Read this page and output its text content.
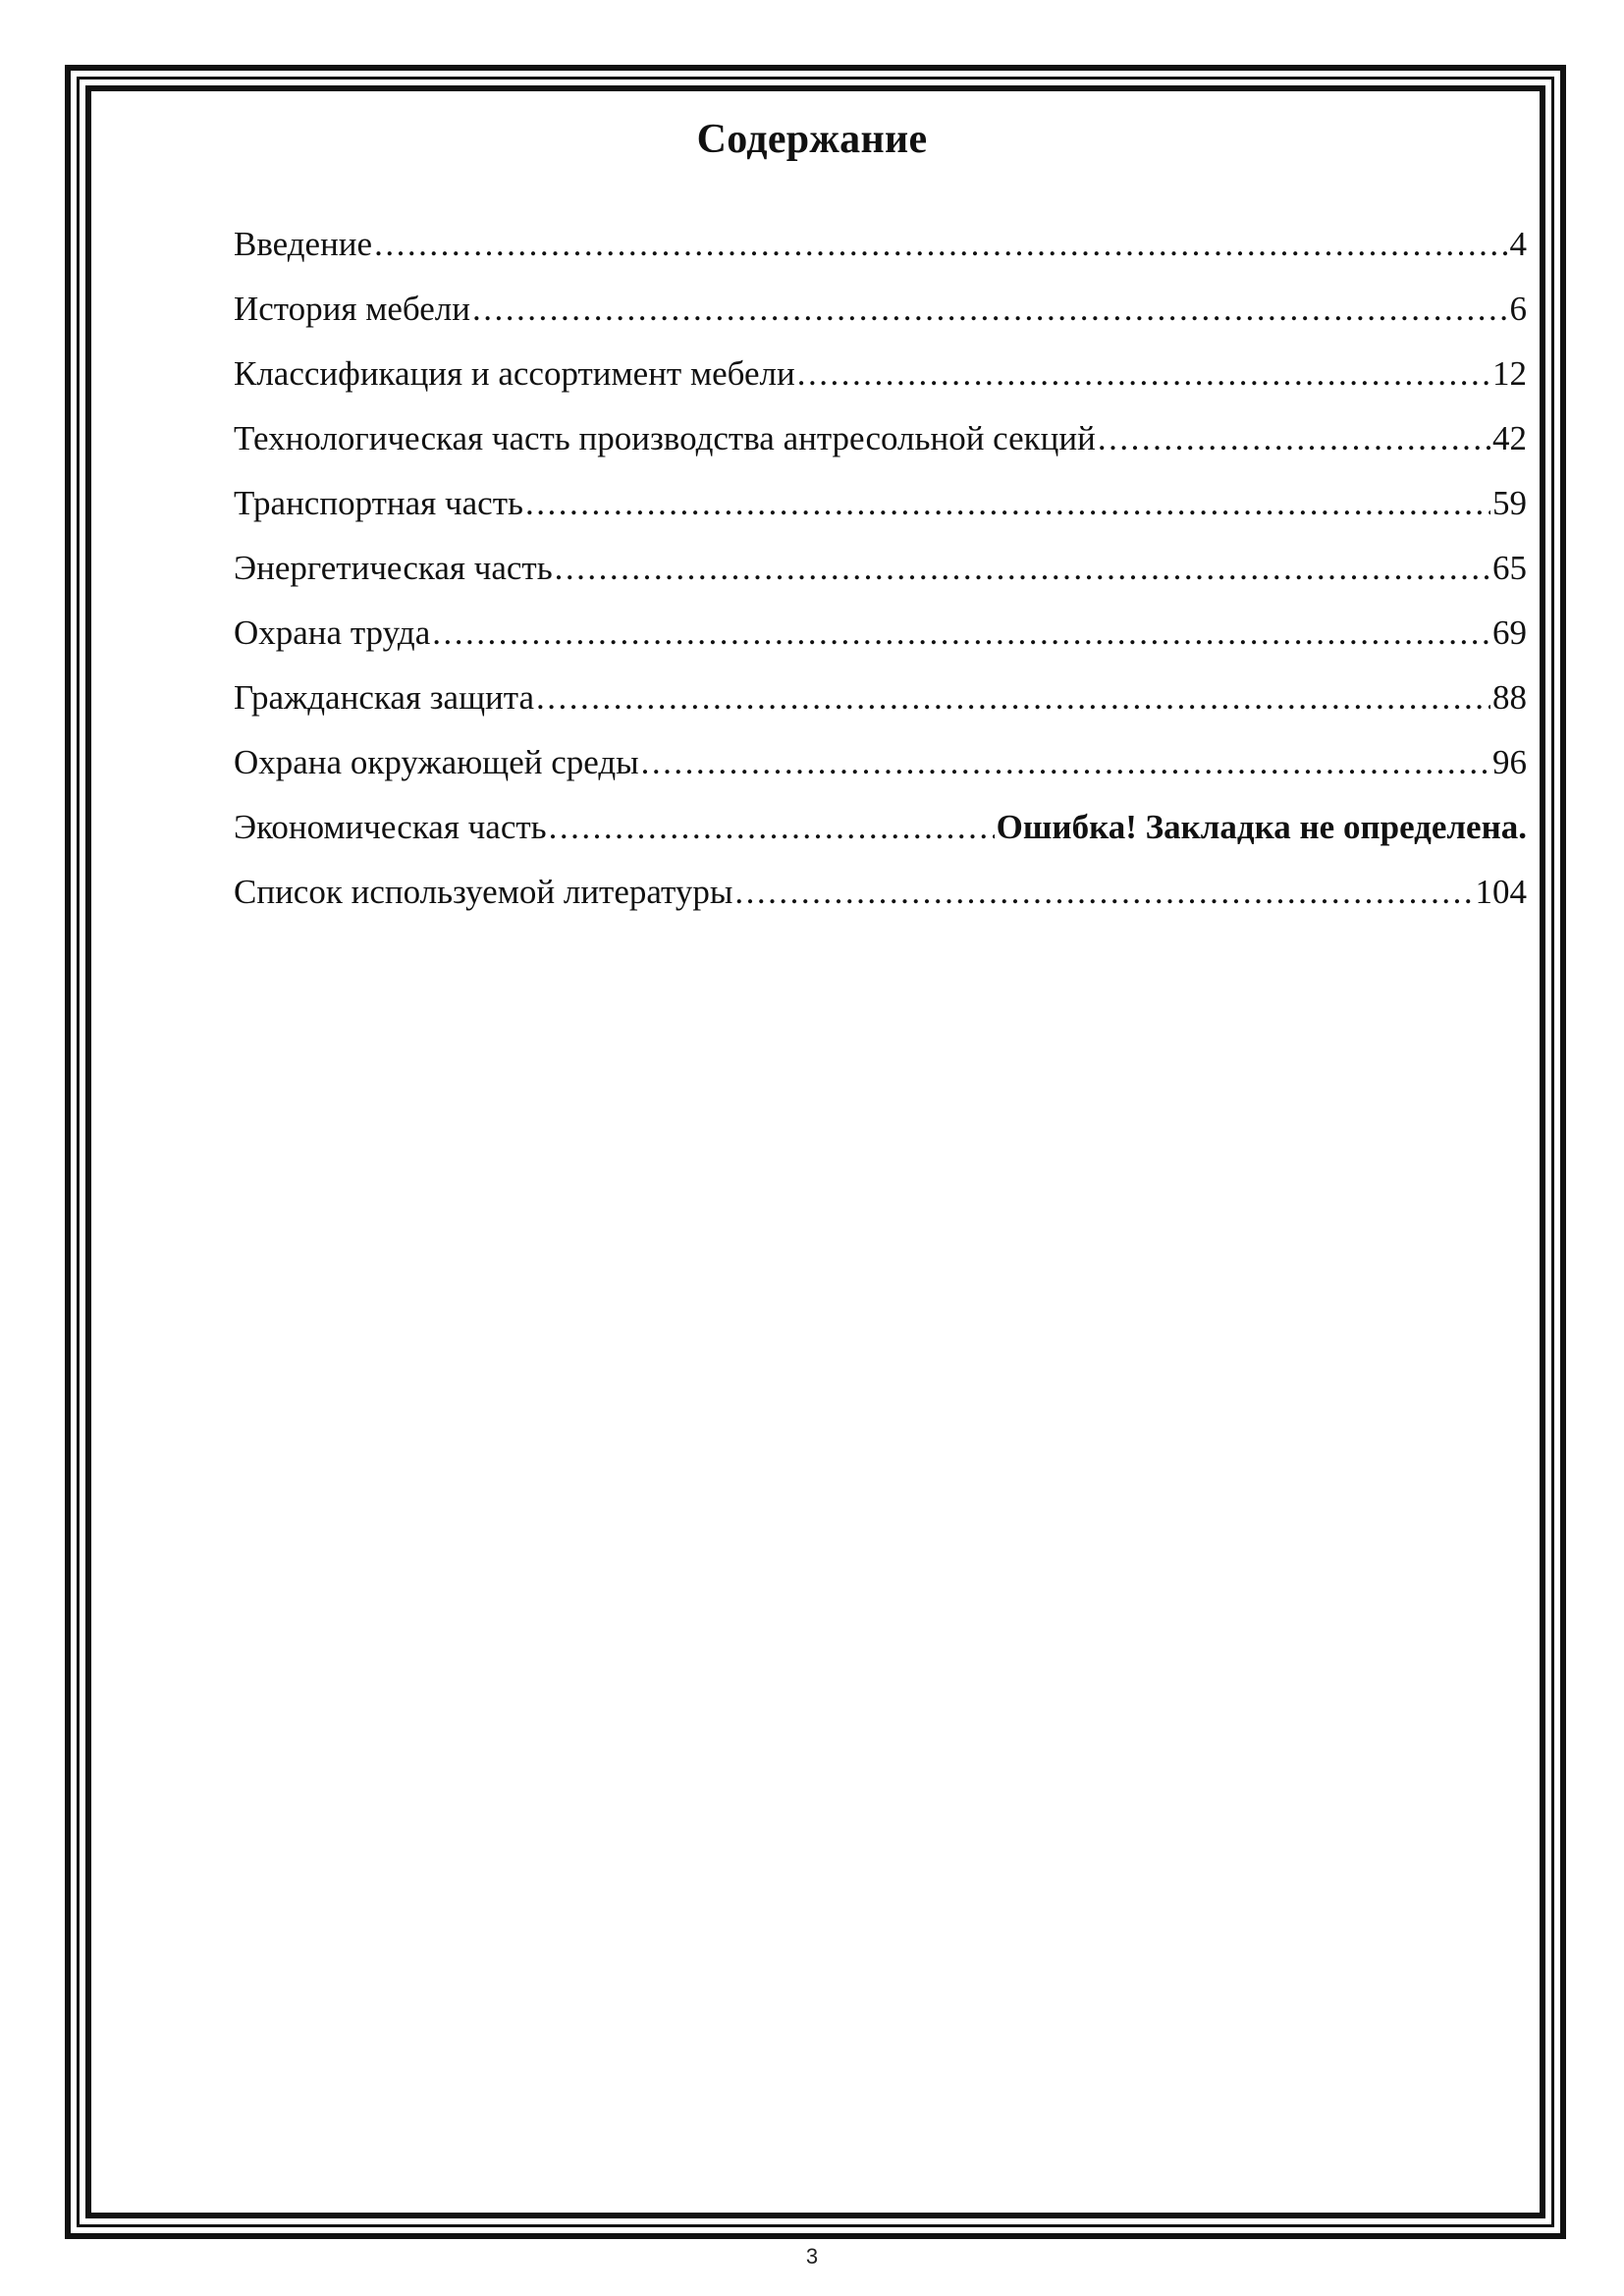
Содержание
Введение .....	4
История мебели .....	6
Классификация и ассортимент мебели .....	12
Технологическая часть производства антресольной секций .....	42
Транспортная часть .....	59
Энергетическая часть .....	65
Охрана труда .....	69
Гражданская защита .....	88
Охрана окружающей среды .....	96
Экономическая часть .....	Ошибка! Закладка не определена.
Список используемой литературы .....	104
3
